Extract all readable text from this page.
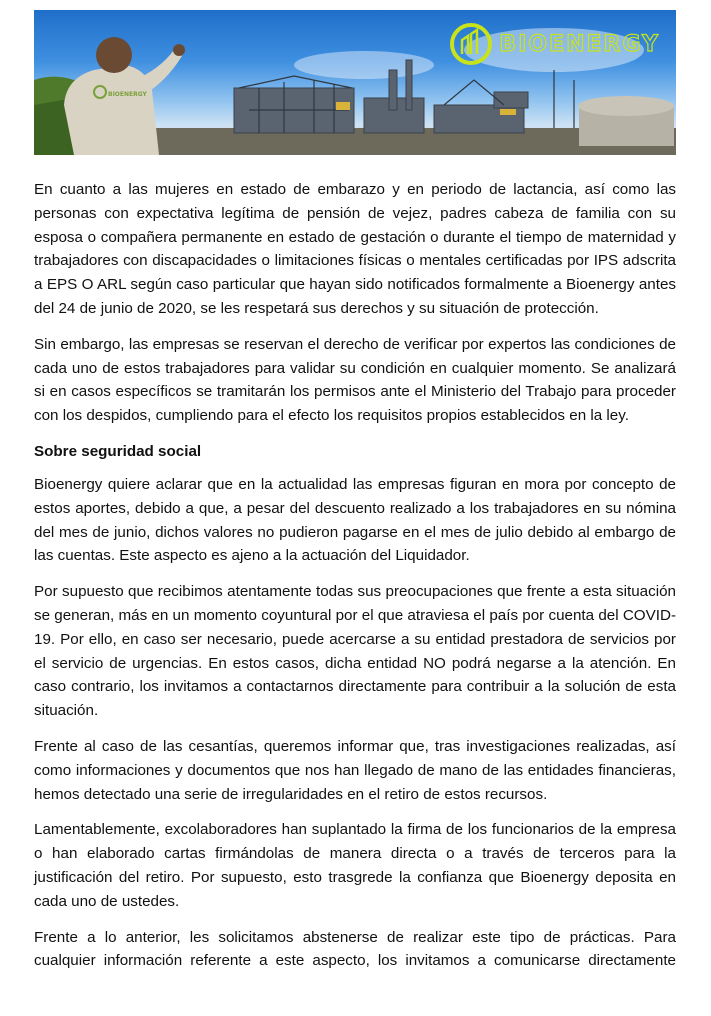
BIOENERGY
BIOENERGY

En cuanto a las mujeres en estado de embarazo y en periodo de lactancia, así como las personas con expectativa legítima de pensión de vejez, padres cabeza de familia con su esposa o compañera permanente en estado de gestación o durante el tiempo de maternidad y trabajadores con discapacidades o limitaciones físicas o mentales certificadas por IPS adscrita a EPS O ARL según caso particular que hayan sido notificados formalmente a Bioenergy antes del 24 de junio de 2020, se les respetará sus derechos y su situación de protección.

Sin embargo, las empresas se reservan el derecho de verificar por expertos las condiciones de cada uno de estos trabajadores para validar su condición en cualquier momento. Se analizará si en casos específicos se tramitarán los permisos ante el Ministerio del Trabajo para proceder con los despidos, cumpliendo para el efecto los requisitos propios establecidos en la ley.

Sobre seguridad social

Bioenergy quiere aclarar que en la actualidad las empresas figuran en mora por concepto de estos aportes, debido a que, a pesar del descuento realizado a los trabajadores en su nómina del mes de junio, dichos valores no pudieron pagarse en el mes de julio debido al embargo de las cuentas. Este aspecto es ajeno a la actuación del Liquidador.

Por supuesto que recibimos atentamente todas sus preocupaciones que frente a esta situación se generan, más en un momento coyuntural por el que atraviesa el país por cuenta del COVID-19. Por ello, en caso ser necesario, puede acercarse a su entidad prestadora de servicios por el servicio de urgencias. En estos casos, dicha entidad NO podrá negarse a la atención. En caso contrario, los invitamos a contactarnos directamente para contribuir a la solución de esta situación.

Frente al caso de las cesantías, queremos informar que, tras investigaciones realizadas, así como informaciones y documentos que nos han llegado de mano de las entidades financieras, hemos detectado una serie de irregularidades en el retiro de estos recursos.

Lamentablemente, excolaboradores han suplantado la firma de los funcionarios de la empresa o han elaborado cartas firmándolas de manera directa o a través de terceros para la justificación del retiro. Por supuesto, esto trasgrede la confianza que Bioenergy deposita en cada uno de ustedes.

Frente a lo anterior, les solicitamos abstenerse de realizar este tipo de prácticas. Para cualquier información referente a este aspecto, los invitamos a comunicarse directamente
